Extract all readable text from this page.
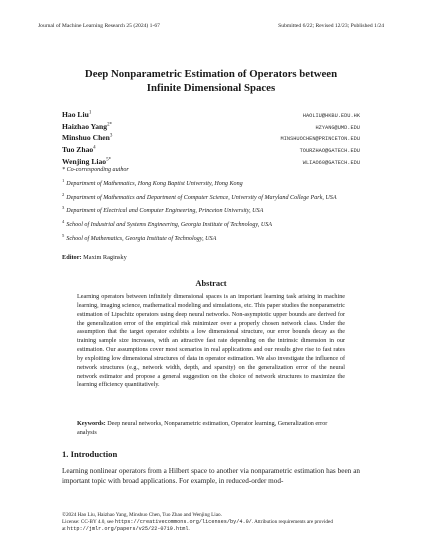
Journal of Machine Learning Research 25 (2024) 1-67	Submitted 6/22; Revised 12/23; Published 1/24
Deep Nonparametric Estimation of Operators between
Infinite Dimensional Spaces
Hao Liu$^1$
HAOLIU@HKBU.EDU.HK
Haizhao Yang$^{2*}$
HZYANG@UMD.EDU
Minshuo Chen$^3$
MINSHUOCHEN@PRINCETON.EDU
Tuo Zhao$^4$
TOURZHAO@GATECH.EDU
Wenjing Liao$^{5*}$
WLIAO60@GATECH.EDU
* Co-corresponding author
$^1$Department of Mathematics, Hong Kong Baptist University, Hong Kong
$^2$Department of Mathematics and Department of Computer Science, University of Maryland College Park, USA
$^3$Department of Electrical and Computer Engineering, Princeton University, USA
$^4$School of Industrial and Systems Engineering, Georgia Institute of Technology, USA
$^5$School of Mathematics, Georgia Institute of Technology, USA
Editor: Maxim Raginsky
Abstract
Learning operators between infinitely dimensional spaces is an important learning task arising in machine learning, imaging science, mathematical modeling and simulations, etc. This paper studies the nonparametric estimation of Lipschitz operators using deep neural networks. Non-asymptotic upper bounds are derived for the generalization error of the empirical risk minimizer over a properly chosen network class. Under the assumption that the target operator exhibits a low dimensional structure, our error bounds decay as the training sample size increases, with an attractive fast rate depending on the intrinsic dimension in our estimation. Our assumptions cover most scenarios in real applications and our results give rise to fast rates by exploiting low dimensional structures of data in operator estimation. We also investigate the influence of network structures (e.g., network width, depth, and sparsity) on the generalization error of the neural network estimator and propose a general suggestion on the choice of network structures to maximize the learning efficiency quantitatively.
Keywords: Deep neural networks, Nonparametric estimation, Operator learning, Generalization error analysis
1. Introduction
Learning nonlinear operators from a Hilbert space to another via nonparametric estimation has been an important topic with broad applications. For example, in reduced-order mod-
©2024 Hao Liu, Haizhao Yang, Minshuo Chen, Tuo Zhao and Wenjing Liao.
License: CC-BY 4.0, see https://creativecommons.org/licenses/by/4.0/. Attribution requirements are provided
at http://jmlr.org/papers/v25/22-0719.html.
